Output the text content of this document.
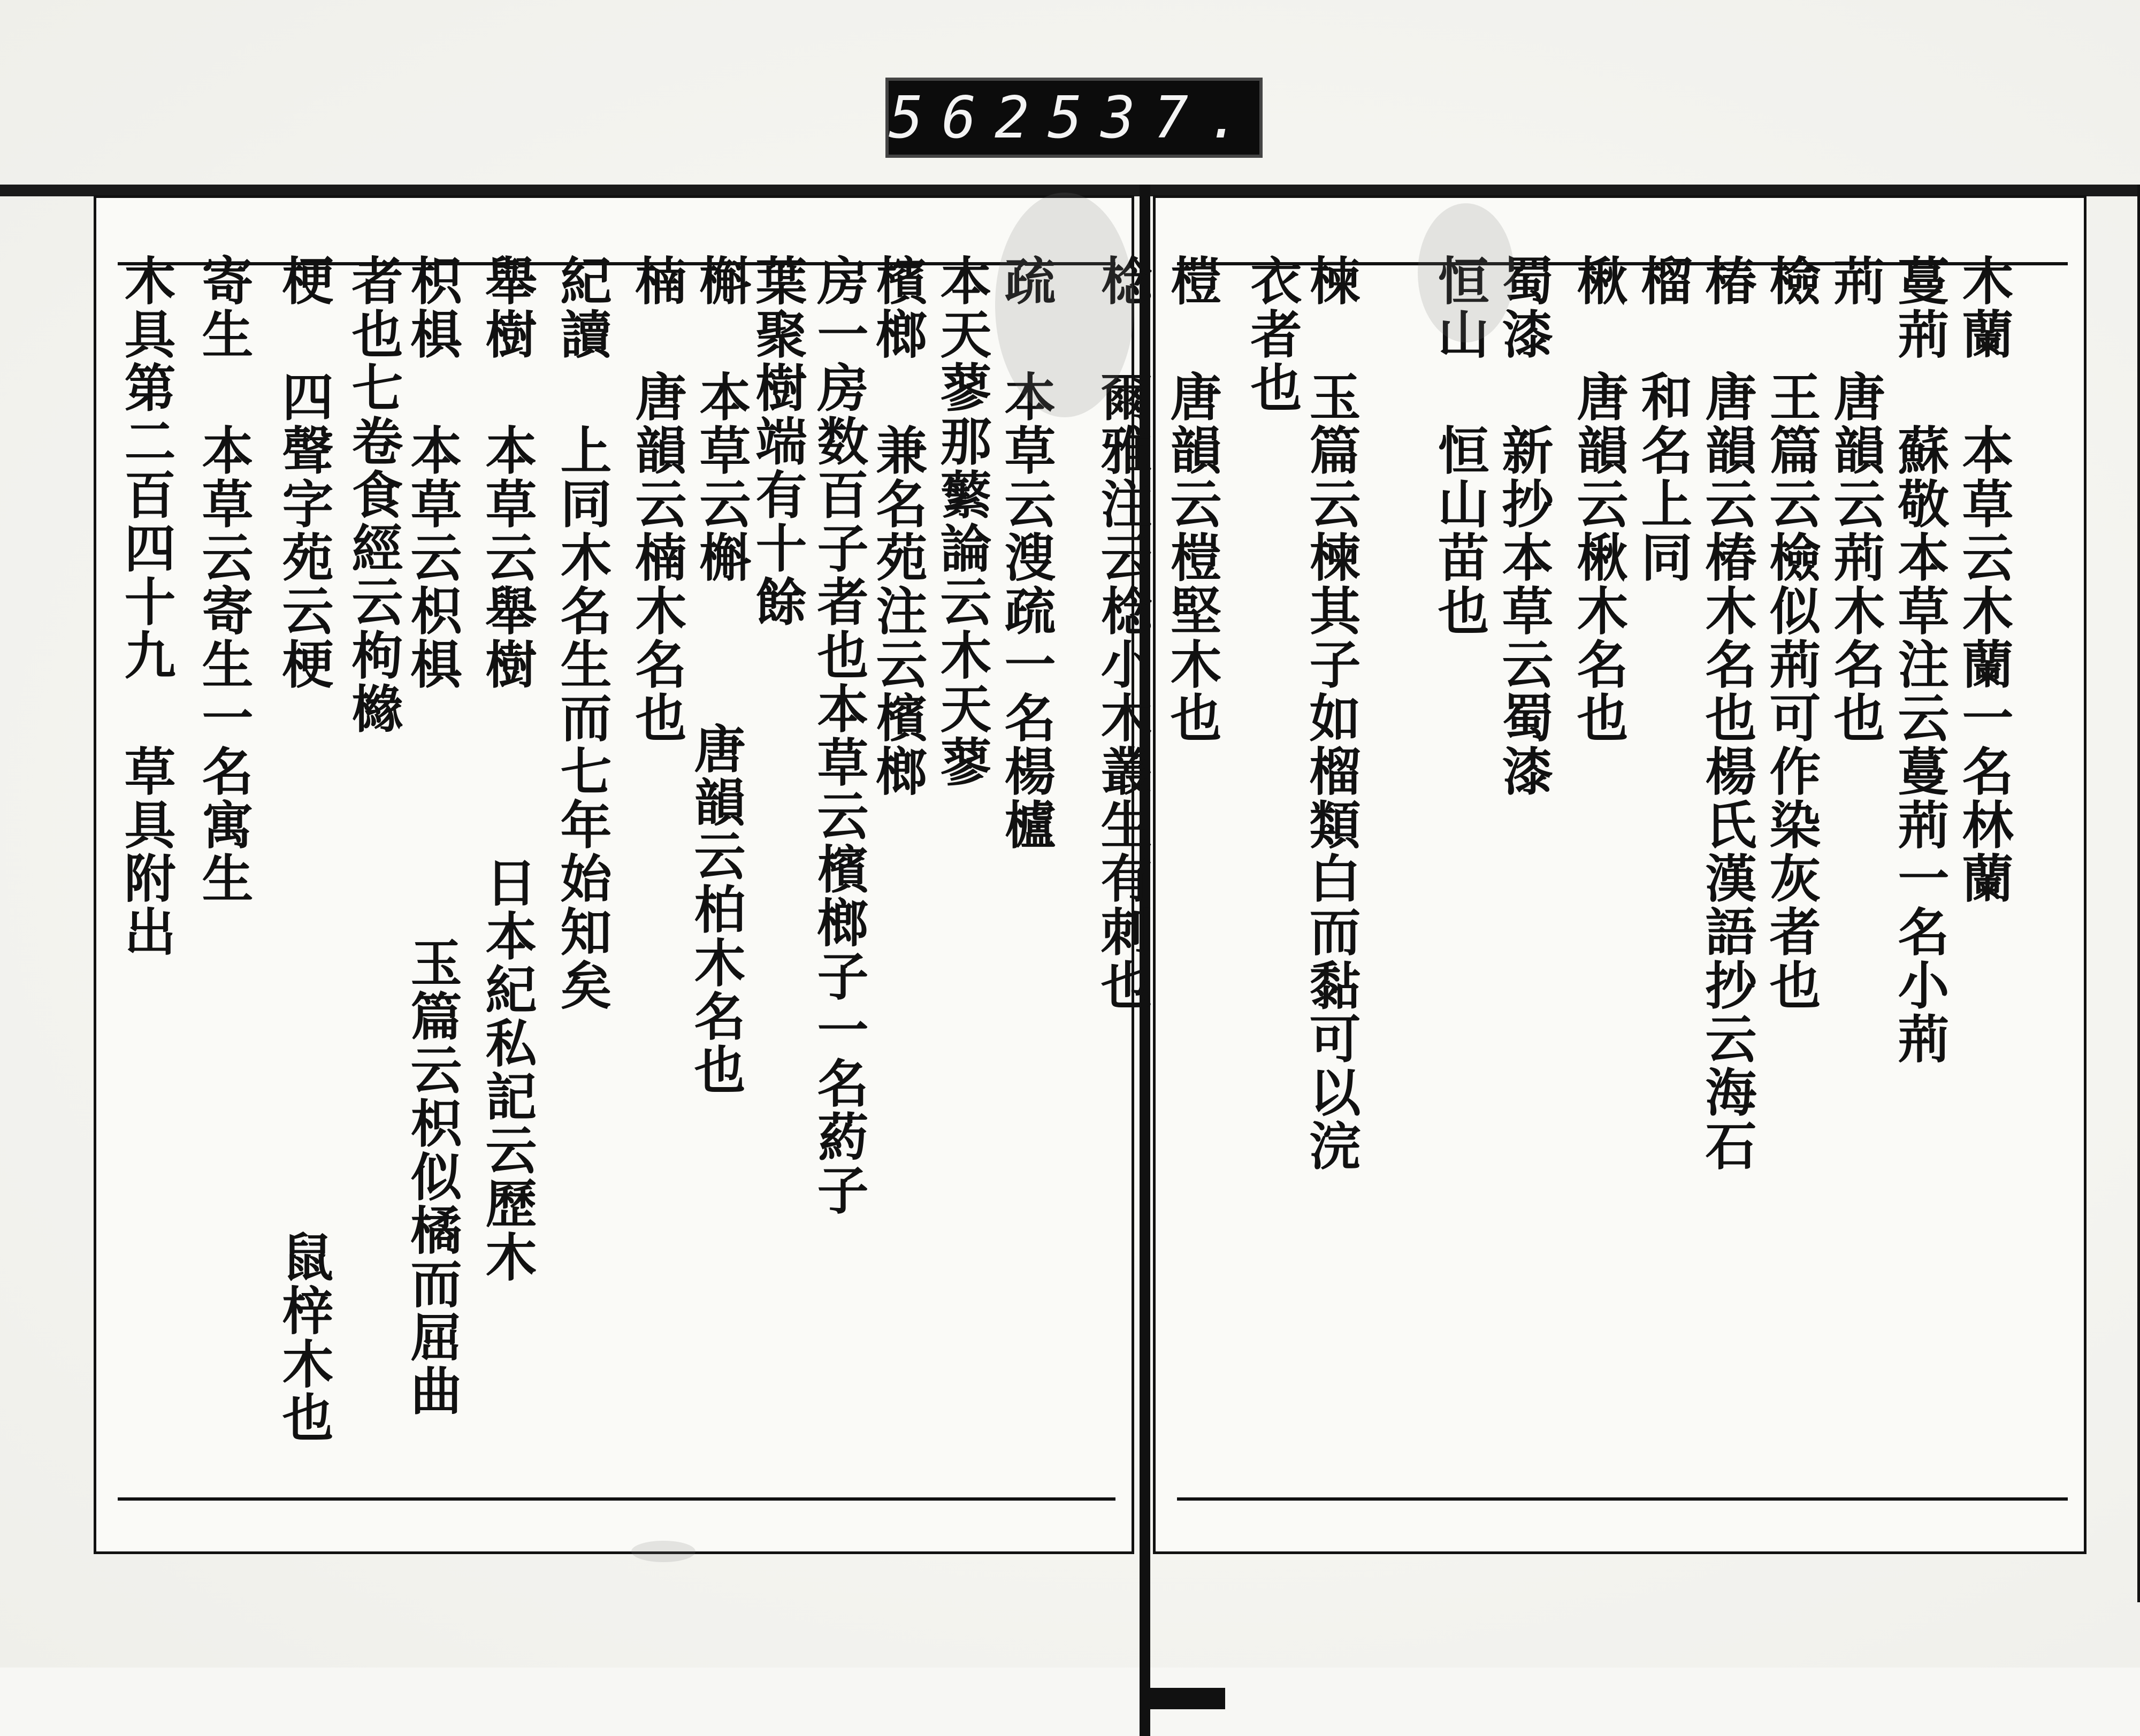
562 537.
木蘭 本草云木蘭一名林蘭
蔓荊 蘇敬本草注云蔓荊一名小荊
荊 唐韻云荊木名也
檢 王篇云檢似荊可作染灰者也
椿 唐韻云椿木名也楊氏漢語抄云海石
榴 和名上同
楸 唐韻云楸木名也
蜀漆 新抄本草云蜀漆
恒山 恒山苗也
楝 玉篇云楝其子如榴類白而黏可以浣
衣者也
榿 唐韻云榿堅木也
棯 爾雅注云棯小木叢生有刺也
疏 本草云溲疏一名楊櫨
本天蓼那蘩論云木天蓼
檳榔 兼名苑注云檳榔
房一房数百子者也本草云檳榔子一名葯子
葉聚樹端有十餘
槲 本草云槲
唐韻云柏木名也
楠 唐韻云楠木名也
紀讀 上同木名生而七年始知矣
舉樹 本草云舉樹
日本紀私記云歷木
枳椇 本草云枳椇
者也七卷食經云枸櫞
玉篇云枳似橘而屈曲
梗 四聲字苑云梗
鼠梓木也
寄生 本草云寄生一名寓生
木具第二百四十九 草具附出
